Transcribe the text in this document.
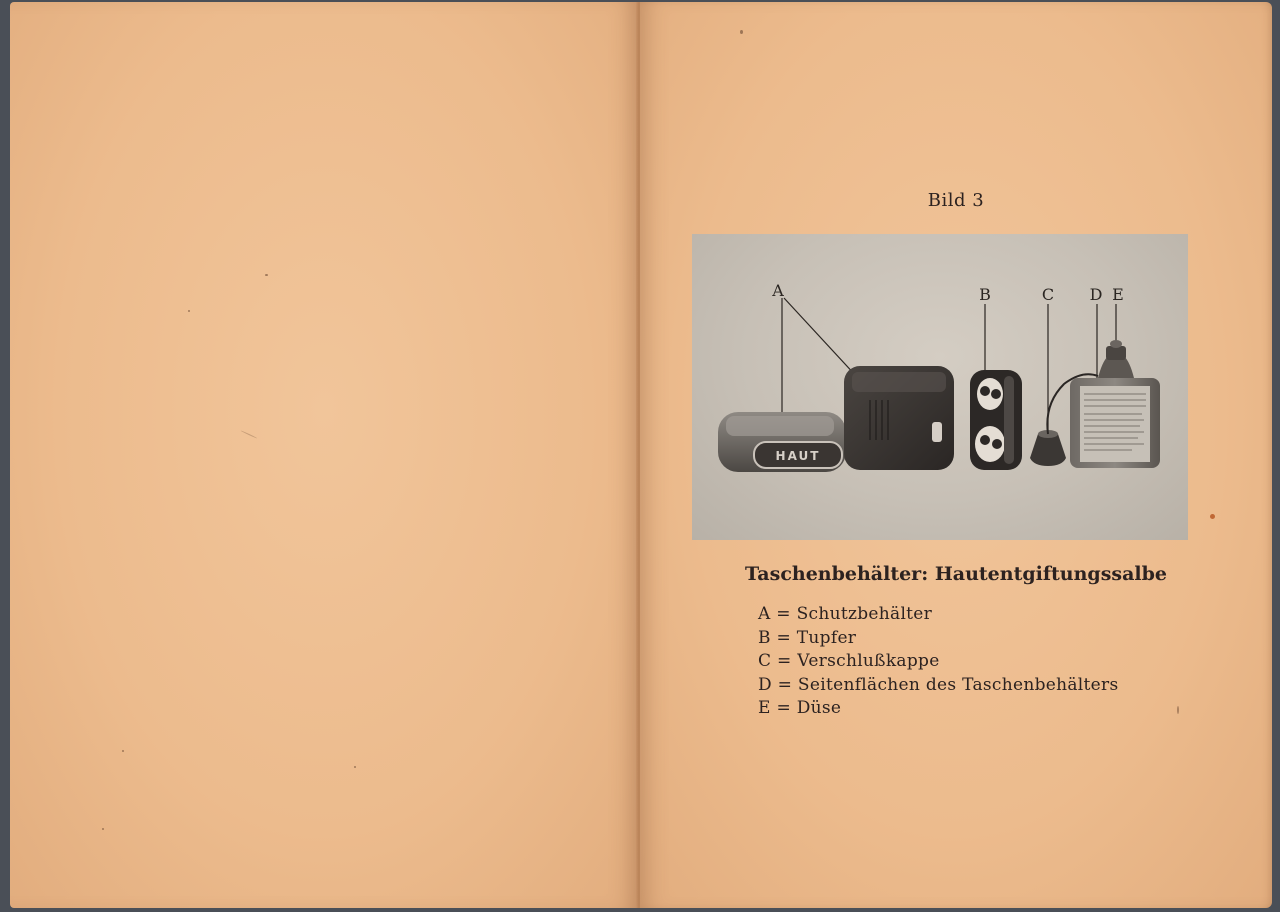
Bild 3
HAUT
A	B	C D E
Taschenbehälter: Hautentgiftungssalbe
A = Schutzbehälter
B = Tupfer
C = Verschlußkappe
D = Seitenflächen des Taschenbehälters
E = Düse
